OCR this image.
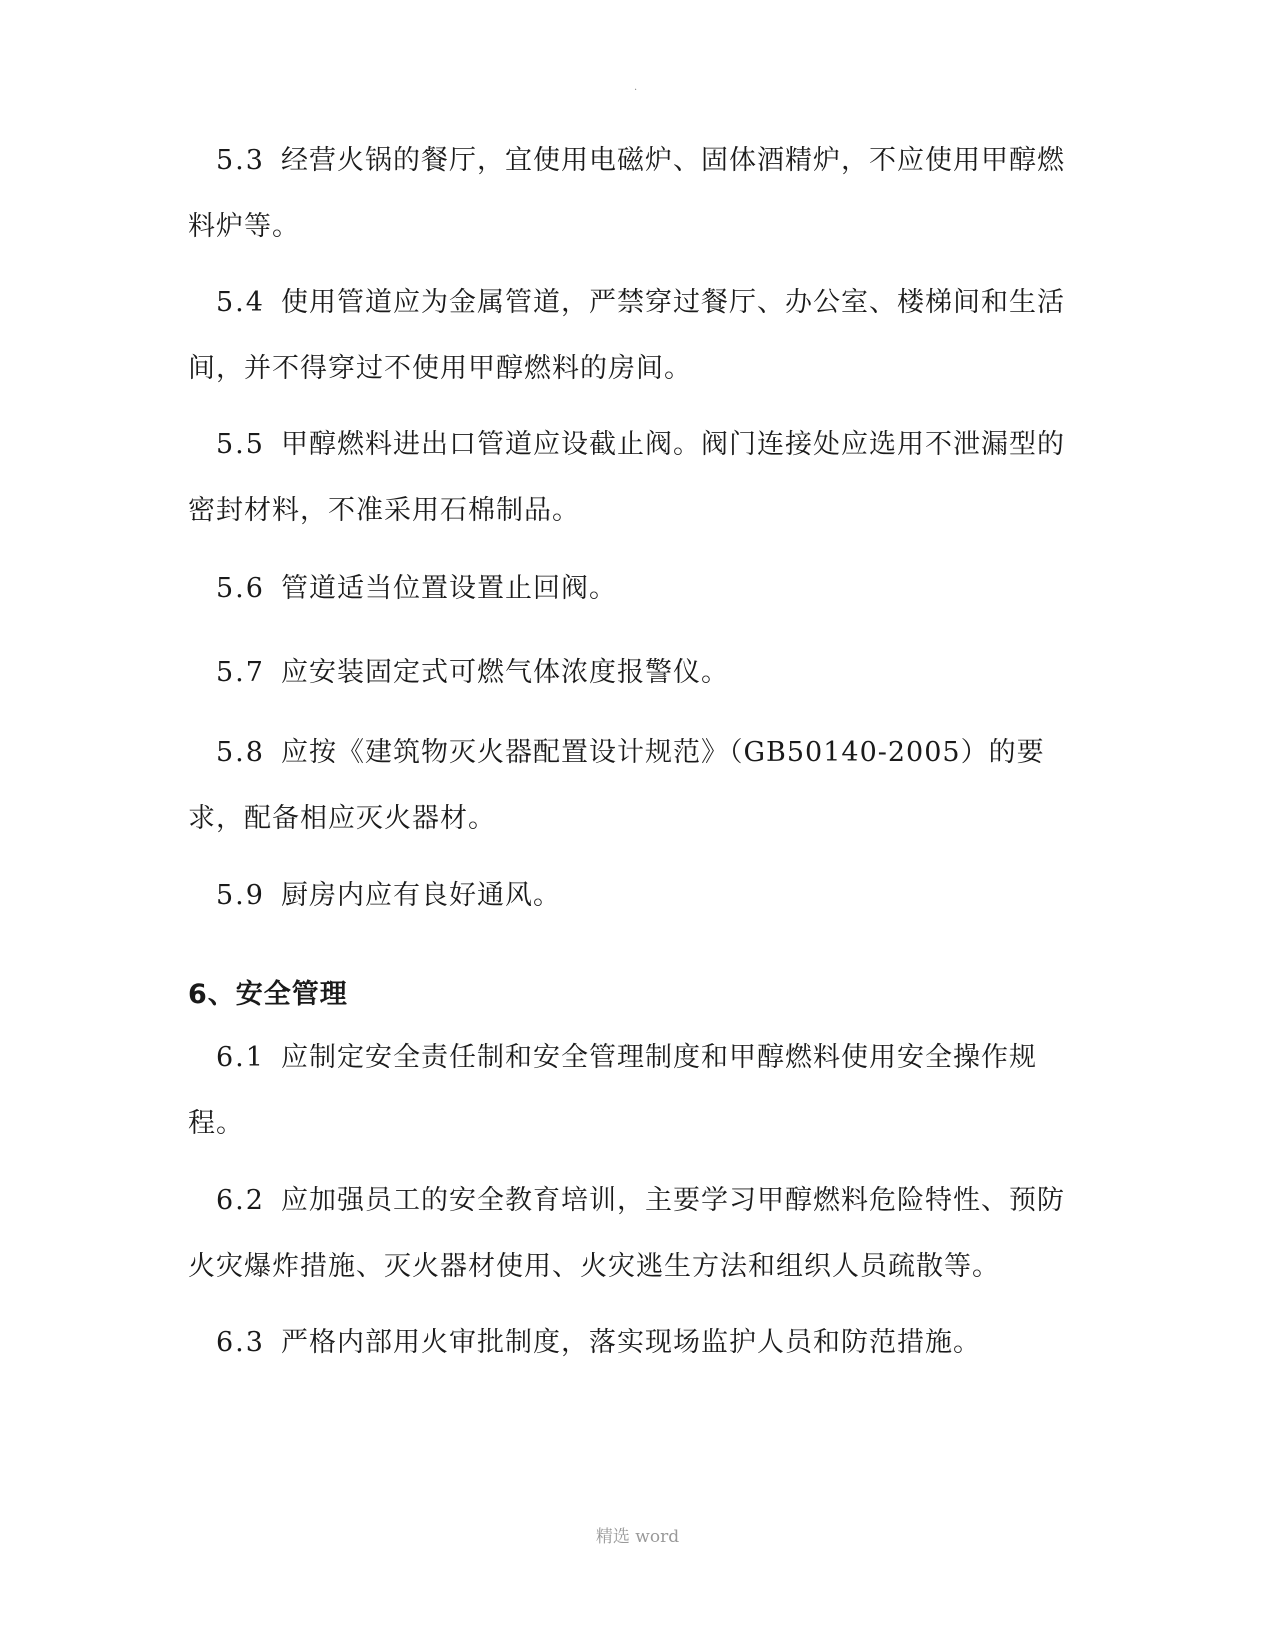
.

5.3 经营火锅的餐厅，宜使用电磁炉、固体酒精炉，不应使用甲醇燃料炉等。

5.4 使用管道应为金属管道，严禁穿过餐厅、办公室、楼梯间和生活间，并不得穿过不使用甲醇燃料的房间。

5.5 甲醇燃料进出口管道应设截止阀。阀门连接处应选用不泄漏型的密封材料，不准采用石棉制品。

5.6 管道适当位置设置止回阀。

5.7 应安装固定式可燃气体浓度报警仪。

5.8 应按《建筑物灭火器配置设计规范》（GB50140-2005）的要求，配备相应灭火器材。

5.9 厨房内应有良好通风。

6、安全管理

6.1 应制定安全责任制和安全管理制度和甲醇燃料使用安全操作规程。

6.2 应加强员工的安全教育培训，主要学习甲醇燃料危险特性、预防火灾爆炸措施、灭火器材使用、火灾逃生方法和组织人员疏散等。

6.3 严格内部用火审批制度，落实现场监护人员和防范措施。

精选 word
